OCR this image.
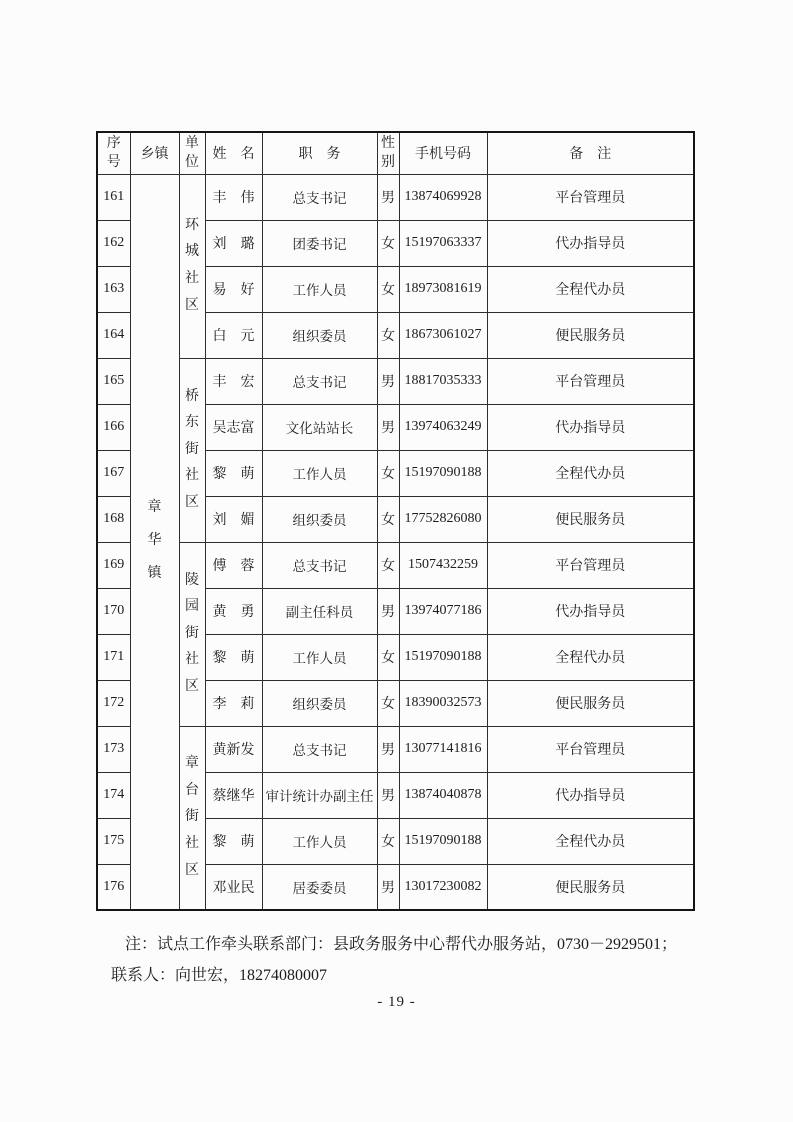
序号	乡镇	单位	姓　名	职　务	性别	手机号码	备　注
161	章华镇	环城社区	丰　伟	总支书记	男	13874069928	平台管理员
162			刘　璐	团委书记	女	15197063337	代办指导员
163			易　好	工作人员	女	18973081619	全程代办员
164			白　元	组织委员	女	18673061027	便民服务员
165		桥东街社区	丰　宏	总支书记	男	18817035333	平台管理员
166			吴志富	文化站站长	男	13974063249	代办指导员
167			黎　萌	工作人员	女	15197090188	全程代办员
168			刘　媚	组织委员	女	17752826080	便民服务员
169		陵园街社区	傅　蓉	总支书记	女	1507432259	平台管理员
170			黄　勇	副主任科员	男	13974077186	代办指导员
171			黎　萌	工作人员	女	15197090188	全程代办员
172			李　莉	组织委员	女	18390032573	便民服务员
173		章台街社区	黄新发	总支书记	男	13077141816	平台管理员
174			蔡继华	审计统计办副主任	男	13874040878	代办指导员
175			黎　萌	工作人员	女	15197090188	全程代办员
176			邓业民	居委委员	男	13017230082	便民服务员
注：试点工作牵头联系部门：县政务服务中心帮代办服务站，0730－2929501；
联系人：向世宏，18274080007
- 19 -
